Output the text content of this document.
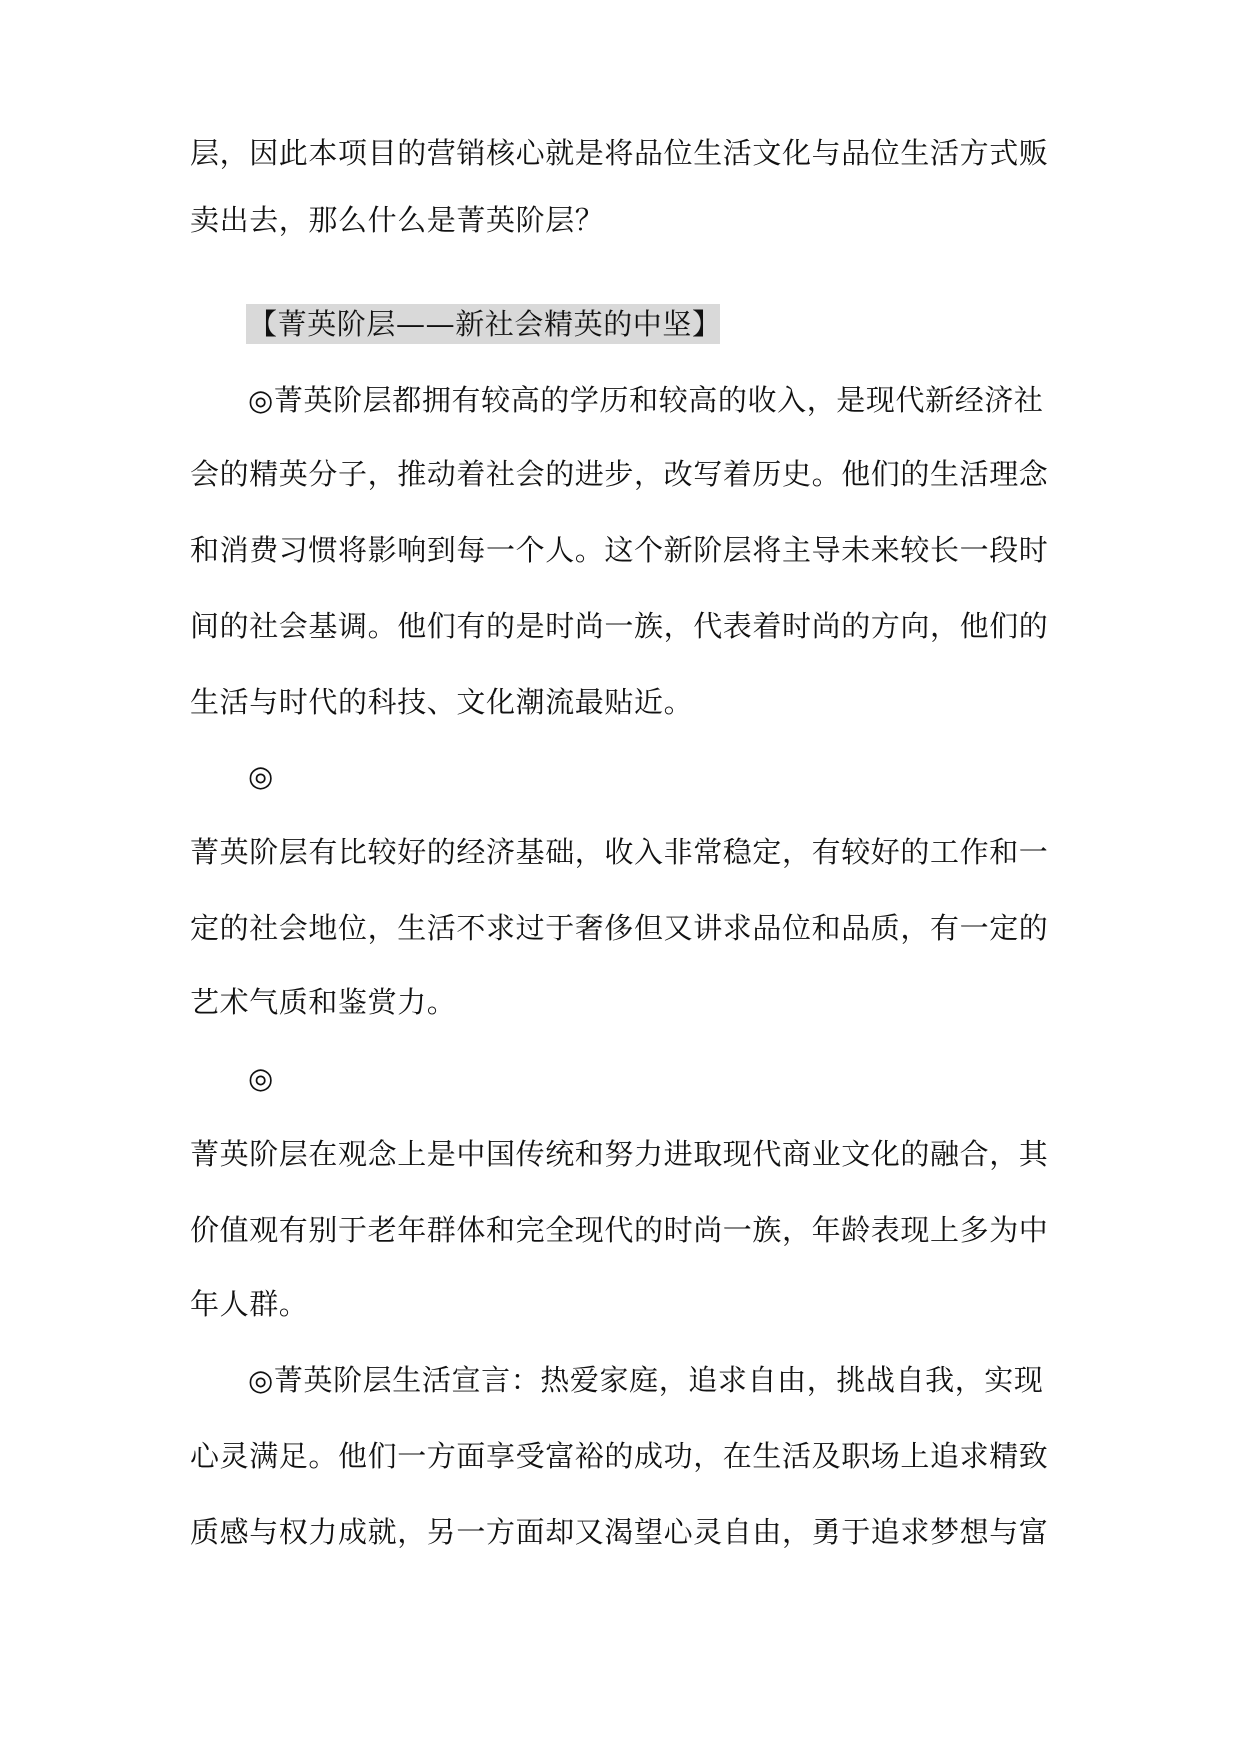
层，因此本项目的营销核心就是将品位生活文化与品位生活方式贩
卖出去，那么什么是菁英阶层？
【菁英阶层——新社会精英的中坚】
◎菁英阶层都拥有较高的学历和较高的收入，是现代新经济社
会的精英分子，推动着社会的进步，改写着历史。他们的生活理念
和消费习惯将影响到每一个人。这个新阶层将主导未来较长一段时
间的社会基调。他们有的是时尚一族，代表着时尚的方向，他们的
生活与时代的科技、文化潮流最贴近。
◎
菁英阶层有比较好的经济基础，收入非常稳定，有较好的工作和一
定的社会地位，生活不求过于奢侈但又讲求品位和品质，有一定的
艺术气质和鉴赏力。
◎
菁英阶层在观念上是中国传统和努力进取现代商业文化的融合，其
价值观有别于老年群体和完全现代的时尚一族，年龄表现上多为中
年人群。
◎菁英阶层生活宣言：热爱家庭，追求自由，挑战自我，实现
心灵满足。他们一方面享受富裕的成功，在生活及职场上追求精致
质感与权力成就，另一方面却又渴望心灵自由，勇于追求梦想与富
